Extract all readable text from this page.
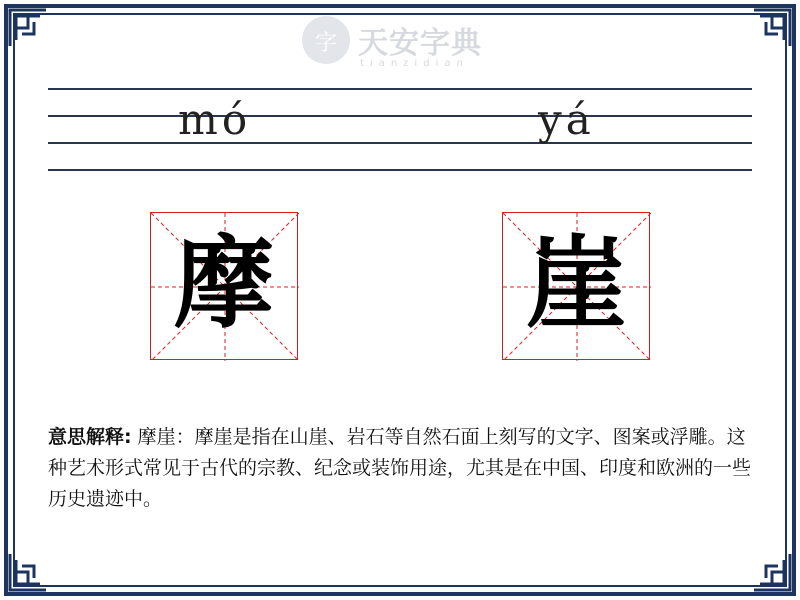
字 天安字典
tianzidian
mó	yá
摩	崖
意思解释: 摩崖：摩崖是指在山崖、岩石等自然石面上刻写的文字、图案或浮雕。这种艺术形式常见于古代的宗教、纪念或装饰用途，尤其是在中国、印度和欧洲的一些历史遗迹中。
